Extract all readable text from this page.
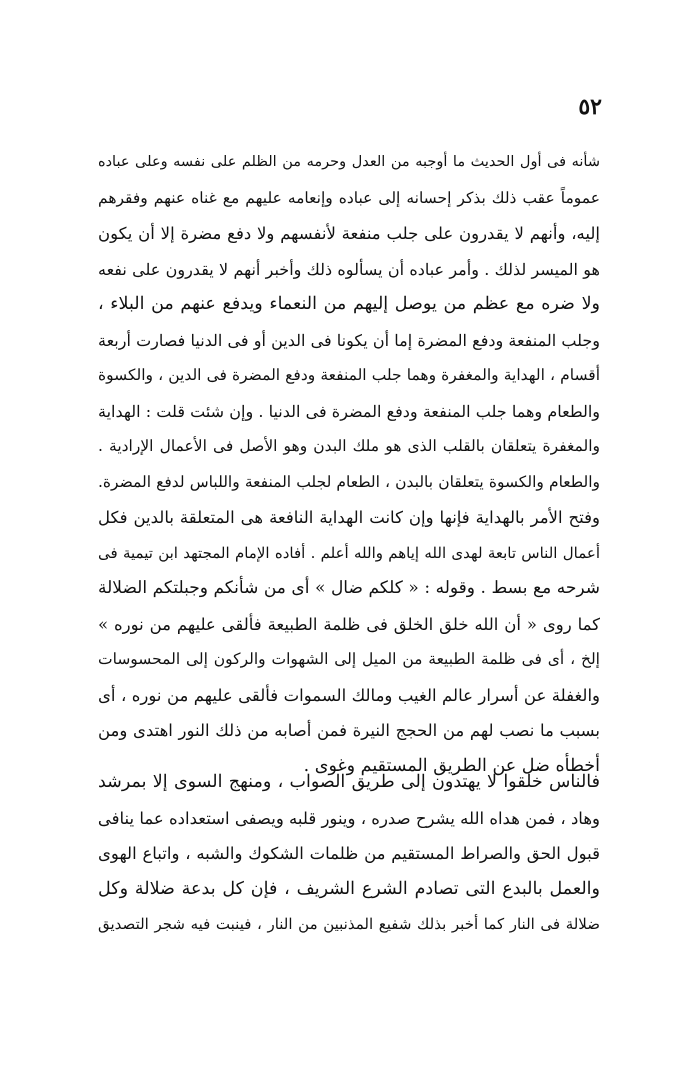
٥٢
شأنه فى أول الحديث ما أوجبه من العدل وحرمه من الظلم على نفسه وعلى عباده
عموماً عقب ذلك بذكر إحسانه إلى عباده وإنعامه عليهم مع غناه عنهم وفقرهم
إليه، وأنهم لا يقدرون على جلب منفعة لأنفسهم ولا دفع مضرة إلا أن يكون
هو الميسر لذلك . وأمر عباده أن يسألوه ذلك وأخبر أنهم لا يقدرون على نفعه
ولا ضره مع عظم من يوصل إليهم من النعماء ويدفع عنهم من البلاء ،
وجلب المنفعة ودفع المضرة إما أن يكونا فى الدين أو فى الدنيا فصارت أربعة
أقسام ، الهداية والمغفرة وهما جلب المنفعة ودفع المضرة فى الدين ، والكسوة
والطعام وهما جلب المنفعة ودفع المضرة فى الدنيا . وإن شئت قلت : الهداية
والمغفرة يتعلقان بالقلب الذى هو ملك البدن وهو الأصل فى الأعمال الإرادية .
والطعام والكسوة يتعلقان بالبدن ، الطعام لجلب المنفعة واللباس لدفع المضرة.
وفتح الأمر بالهداية فإنها وإن كانت الهداية النافعة هى المتعلقة بالدين فكل
أعمال الناس تابعة لهدى الله إياهم والله أعلم . أفاده الإمام المجتهد ابن تيمية فى
شرحه مع بسط . وقوله : « كلكم ضال » أى من شأنكم وجبلتكم الضلالة
كما روى « أن الله خلق الخلق فى ظلمة الطبيعة فألقى عليهم من نوره »
إلخ ، أى فى ظلمة الطبيعة من الميل إلى الشهوات والركون إلى المحسوسات
والغفلة عن أسرار عالم الغيب ومالك السموات فألقى عليهم من نوره ، أى
بسبب ما نصب لهم من الحجج النيرة فمن أصابه من ذلك النور اهتدى ومن
أخطأه ضل عن الطريق المستقيم وغوى .
فالناس خلقوا لا يهتدون إلى طريق الصواب ، ومنهج السوى إلا بمرشد
وهاد ، فمن هداه الله يشرح صدره ، وينور قلبه ويصفى استعداده عما ينافى
قبول الحق والصراط المستقيم من ظلمات الشكوك والشبه ، واتباع الهوى
والعمل بالبدع التى تصادم الشرع الشريف ، فإن كل بدعة ضلالة وكل
ضلالة فى النار كما أخبر بذلك شفيع المذنبين من النار ، فينبت فيه شجر التصديق
